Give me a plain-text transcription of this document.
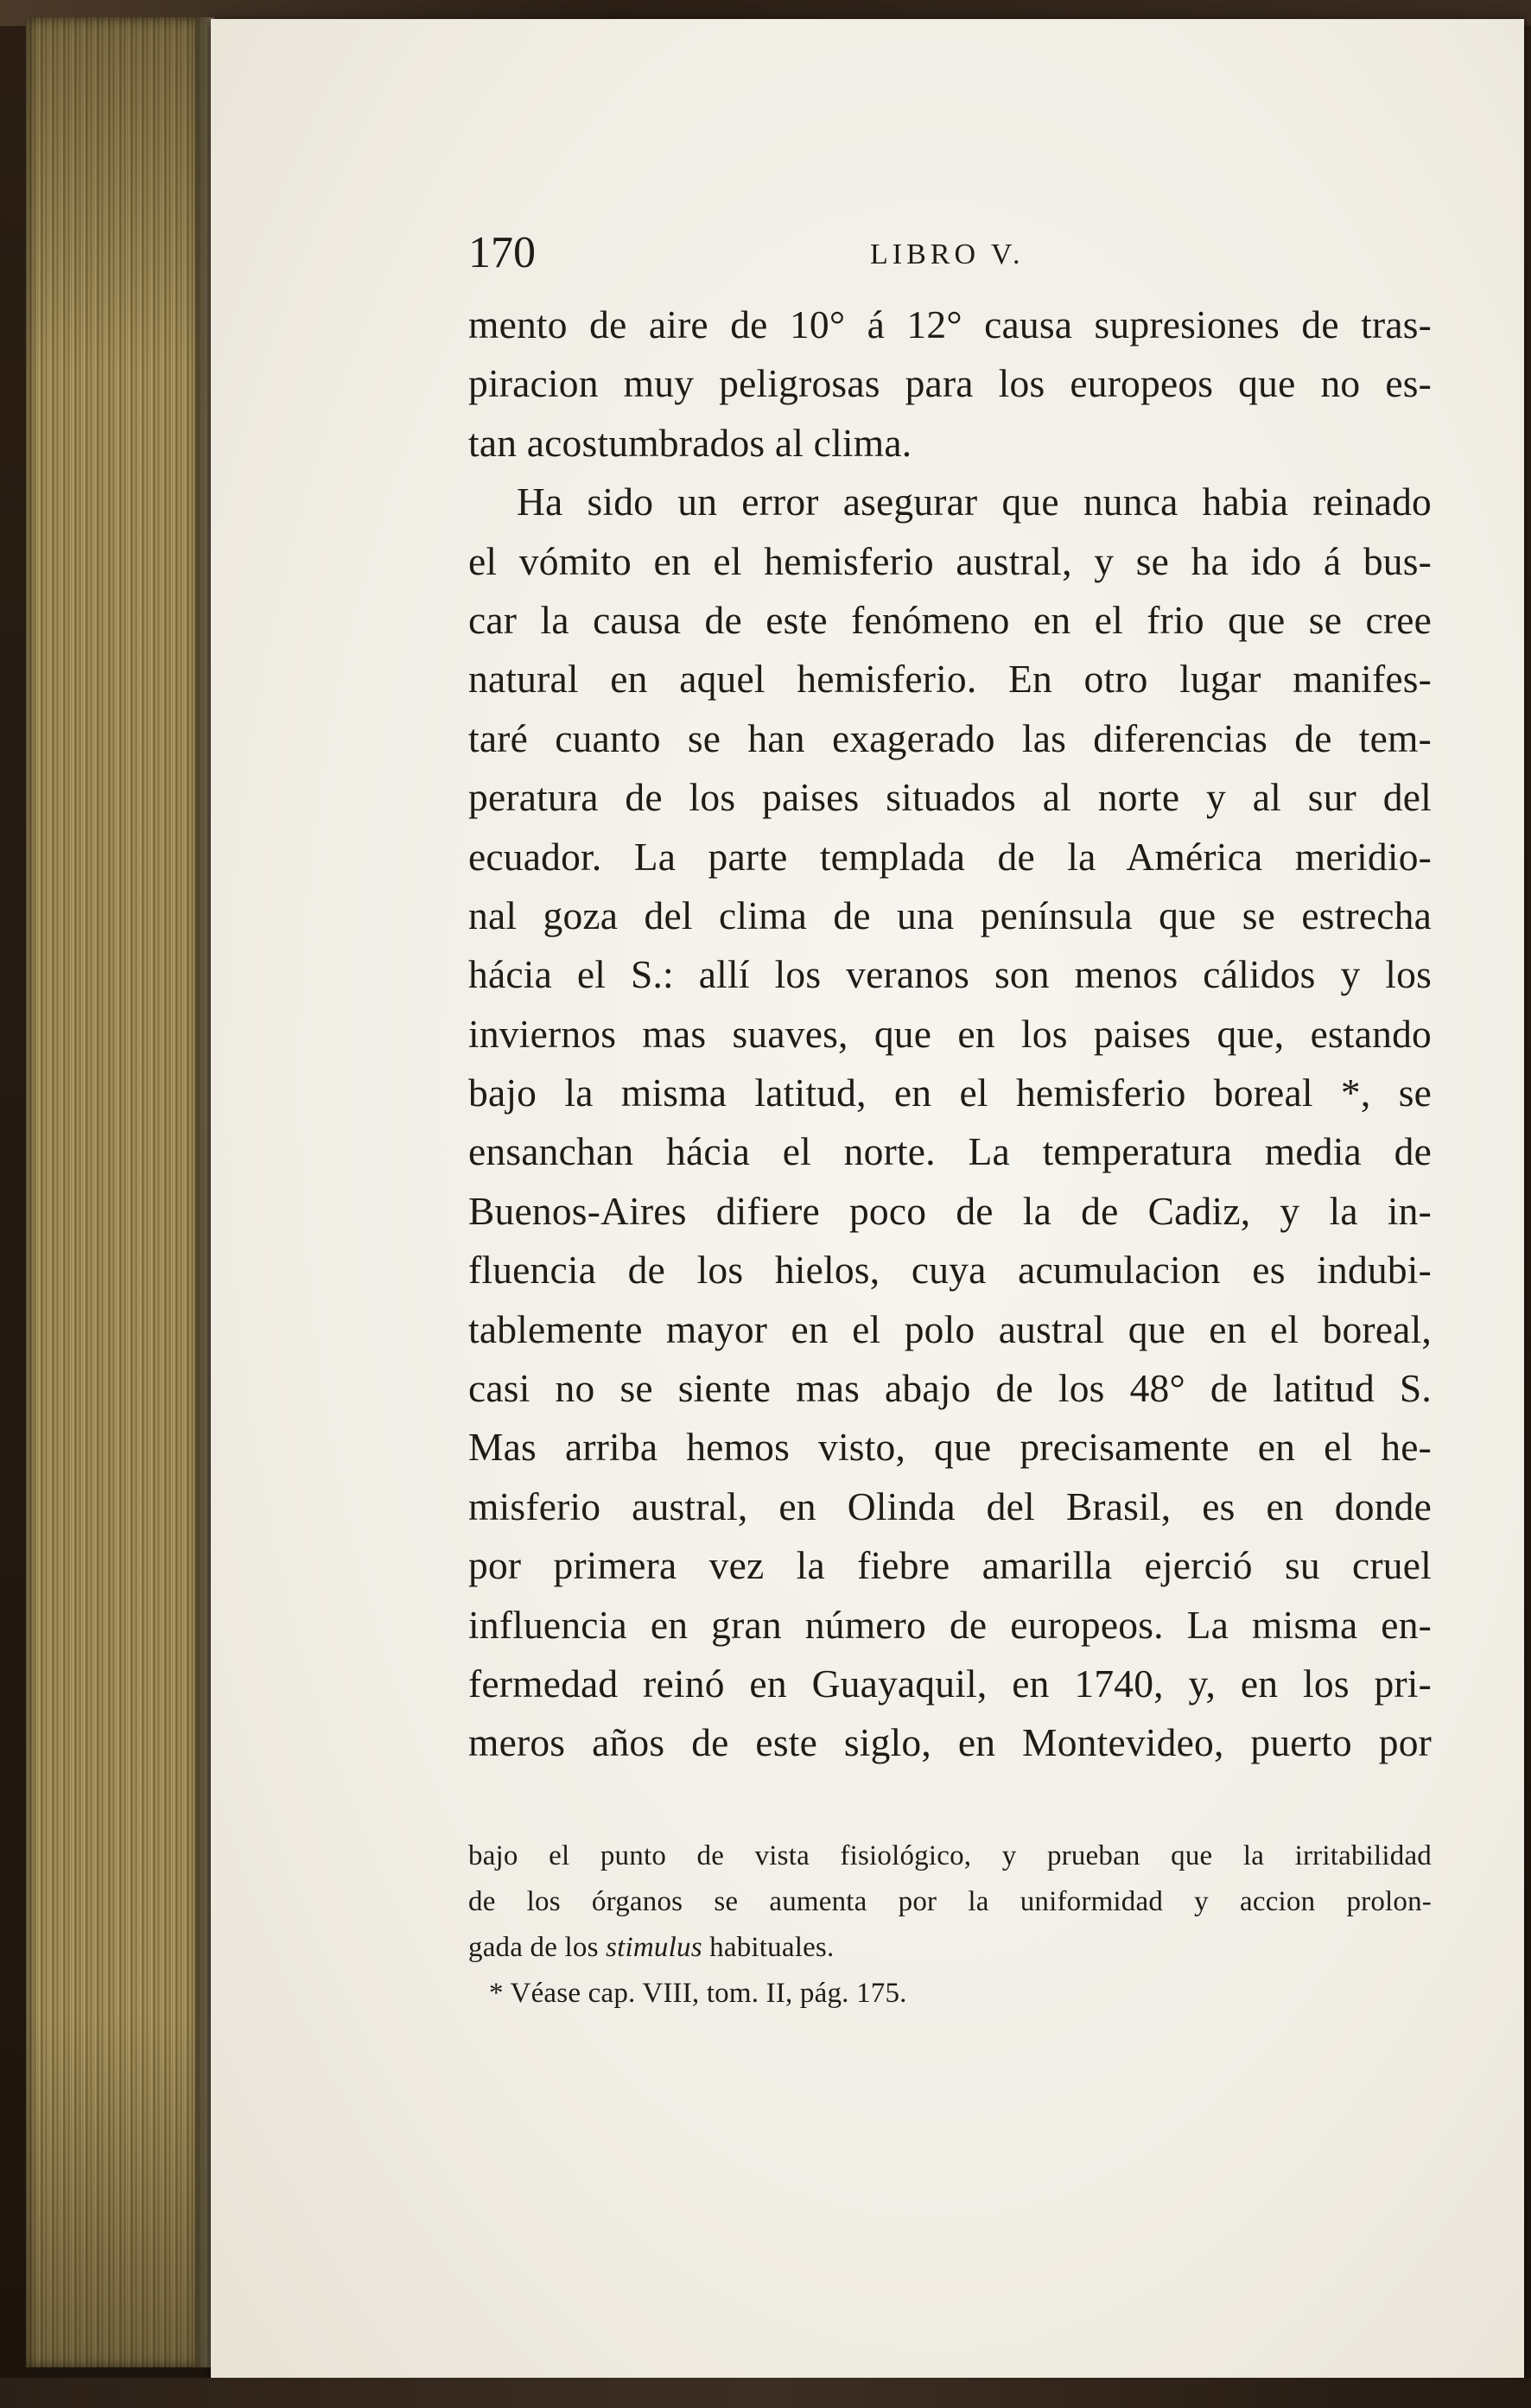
170	LIBRO V.
mento de aire de 10° á 12° causa supresiones de tras-
piracion muy peligrosas para los europeos que no es-
tan acostumbrados al clima.
Ha sido un error asegurar que nunca habia reinado
el vómito en el hemisferio austral, y se ha ido á bus-
car la causa de este fenómeno en el frio que se cree
natural en aquel hemisferio. En otro lugar manifes-
taré cuanto se han exagerado las diferencias de tem-
peratura de los paises situados al norte y al sur del
ecuador. La parte templada de la América meridio-
nal goza del clima de una península que se estrecha
hácia el S.: allí los veranos son menos cálidos y los
inviernos mas suaves, que en los paises que, estando
bajo la misma latitud, en el hemisferio boreal *, se
ensanchan hácia el norte. La temperatura media de
Buenos-Aires difiere poco de la de Cadiz, y la in-
fluencia de los hielos, cuya acumulacion es indubi-
tablemente mayor en el polo austral que en el boreal,
casi no se siente mas abajo de los 48° de latitud S.
Mas arriba hemos visto, que precisamente en el he-
misferio austral, en Olinda del Brasil, es en donde
por primera vez la fiebre amarilla ejerció su cruel
influencia en gran número de europeos. La misma en-
fermedad reinó en Guayaquil, en 1740, y, en los pri-
meros años de este siglo, en Montevideo, puerto por
bajo el punto de vista fisiológico, y prueban que la irritabilidad
de los órganos se aumenta por la uniformidad y accion prolon-
gada de los stimulus habituales.
* Véase cap. VIII, tom. II, pág. 175.
